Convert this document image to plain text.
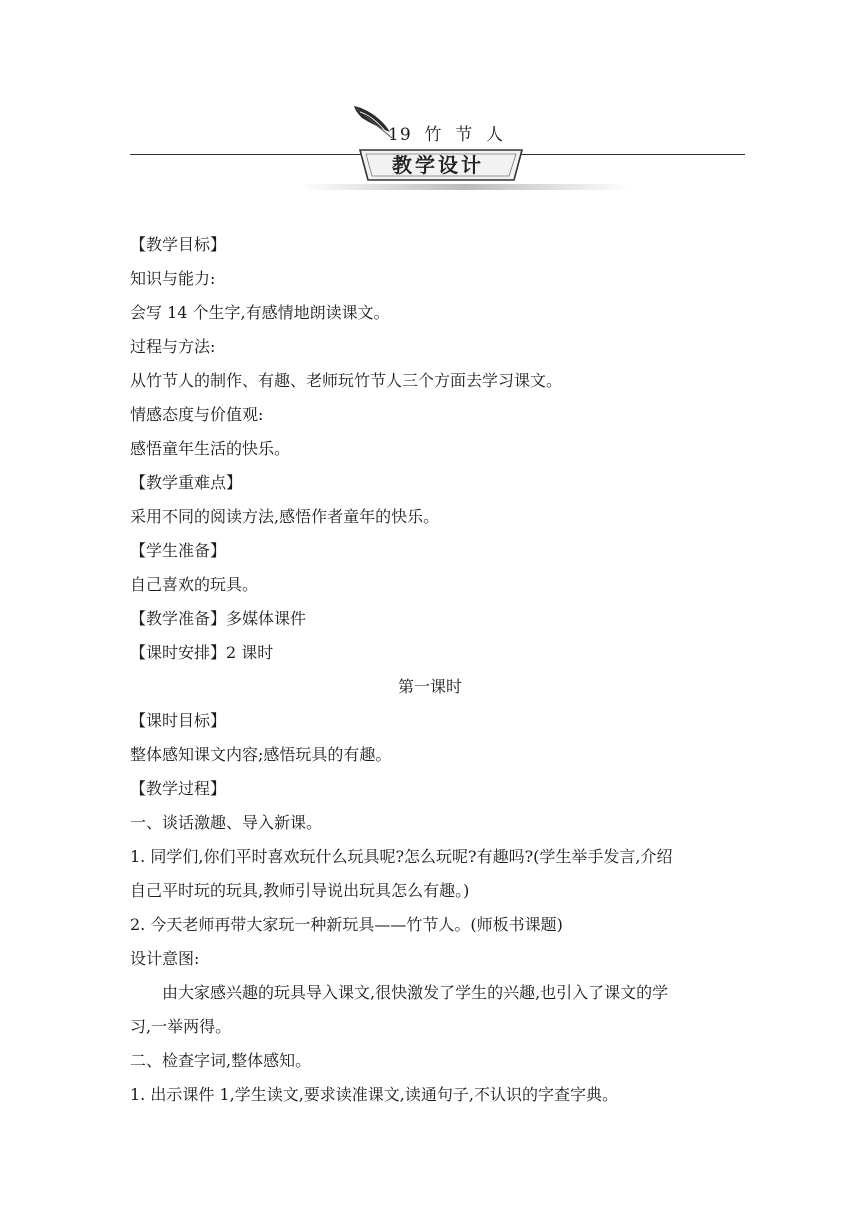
19  竹  节  人
教学设计

【教学目标】

知识与能力:

会写 14 个生字,有感情地朗读课文。

过程与方法:

从竹节人的制作、有趣、老师玩竹节人三个方面去学习课文。

情感态度与价值观:

感悟童年生活的快乐。

【教学重难点】

采用不同的阅读方法,感悟作者童年的快乐。

【学生准备】

自己喜欢的玩具。

【教学准备】多媒体课件

【课时安排】2 课时

第一课时

【课时目标】

整体感知课文内容;感悟玩具的有趣。

【教学过程】

一、谈话激趣、导入新课。

1. 同学们,你们平时喜欢玩什么玩具呢?怎么玩呢?有趣吗?(学生举手发言,介绍

自己平时玩的玩具,教师引导说出玩具怎么有趣。)

2. 今天老师再带大家玩一种新玩具——竹节人。(师板书课题)

设计意图:

由大家感兴趣的玩具导入课文,很快激发了学生的兴趣,也引入了课文的学

习,一举两得。

二、检查字词,整体感知。

1. 出示课件 1,学生读文,要求读准课文,读通句子,不认识的字查字典。
